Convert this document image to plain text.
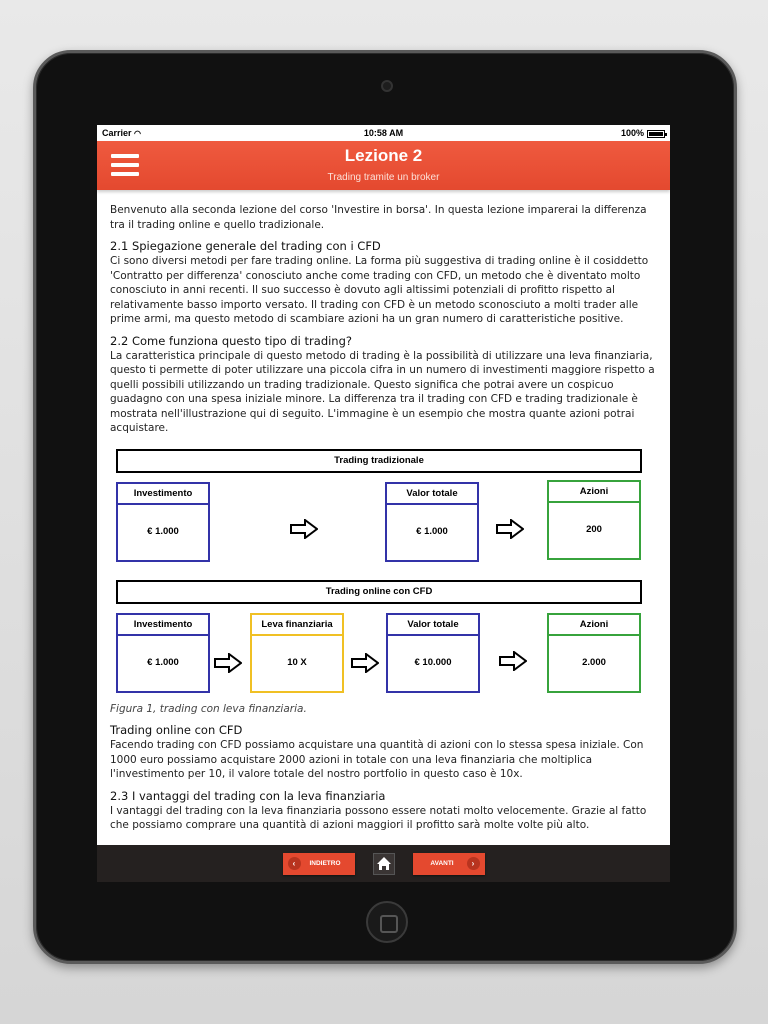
Carrier ◠	10:58 AM	100%
Lezione 2
Trading tramite un broker

Benvenuto alla seconda lezione del corso 'Investire in borsa'. In questa lezione imparerai la differenza tra il trading online e quello tradizionale.

2.1 Spiegazione generale del trading con i CFD

Ci sono diversi metodi per fare trading online. La forma più suggestiva di trading online è il cosiddetto 'Contratto per differenza' conosciuto anche come trading con CFD, un metodo che è diventato molto conosciuto in anni recenti. Il suo successo è dovuto agli altissimi potenziali di profitto rispetto al relativamente basso importo versato. Il trading con CFD è un metodo sconosciuto a molti trader alle prime armi, ma questo metodo di scambiare azioni ha un gran numero di caratteristiche positive.

2.2 Come funziona questo tipo di trading?

La caratteristica principale di questo metodo di trading è la possibilità di utilizzare una leva finanziaria, questo ti permette di poter utilizzare una piccola cifra in un numero di investimenti maggiore rispetto a quelli possibili utilizzando un trading tradizionale. Questo significa che potrai avere un cospicuo guadagno con una spesa iniziale minore. La differenza tra il trading con CFD e trading tradizionale è mostrata nell'illustrazione qui di seguito. L'immagine è un esempio che mostra quante azioni potrai acquistare.

Trading tradizionale
Investimento
€ 1.000
Valor totale
€ 1.000
Azioni
200
Trading online con CFD
Investimento
€ 1.000
Leva finanziaria
10 X
Valor totale
€ 10.000
Azioni
2.000

Figura 1, trading con leva finanziaria.

Trading online con CFD

Facendo trading con CFD possiamo acquistare una quantità di azioni con lo stessa spesa iniziale. Con 1000 euro possiamo acquistare 2000 azioni in totale con una leva finanziaria che moltiplica l'investimento per 10, il valore totale del nostro portfolio in questo caso è 10x.

2.3 I vantaggi del trading con la leva finanziaria

I vantaggi del trading con la leva finanziaria possono essere notati molto velocemente. Grazie al fatto che possiamo comprare una quantità di azioni maggiori il profitto sarà molte volte più alto.

‹	INDIETRO	AVANTI	›
